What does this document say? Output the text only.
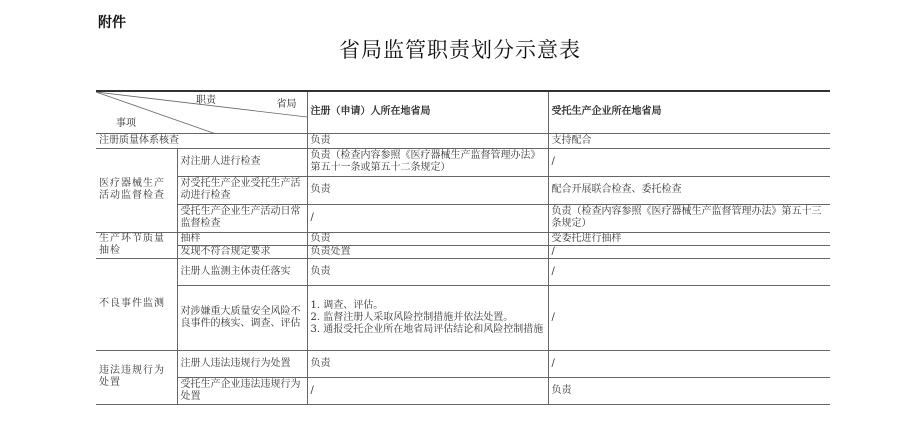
附件
省局监管职责划分示意表
职责 省局
事项		注册（申请）人所在地省局	受托生产企业所在地省局
注册质量体系核查		负责	支持配合
医疗器械生产活动监督检查	对注册人进行检查	负责（检查内容参照《医疗器械生产监督管理办法》第五十一条或第五十二条规定）	/
	对受托生产企业受托生产活动进行检查	负责	配合开展联合检查、委托检查
	受托生产企业生产活动日常监督检查	/	负责（检查内容参照《医疗器械生产监督管理办法》第五十三条规定）
生产环节质量抽检	抽样	负责	受委托进行抽样
	发现不符合规定要求	负责处置	/
不良事件监测	注册人监测主体责任落实	负责	/
	对涉嫌重大质量安全风险不良事件的核实、调查、评估	1. 调查、评估。
2. 监督注册人采取风险控制措施并依法处置。
3. 通报受托企业所在地省局评估结论和风险控制措施	/
违法违规行为处置	注册人违法违规行为处置	负责	/
	受托生产企业违法违规行为处置	/	负责
